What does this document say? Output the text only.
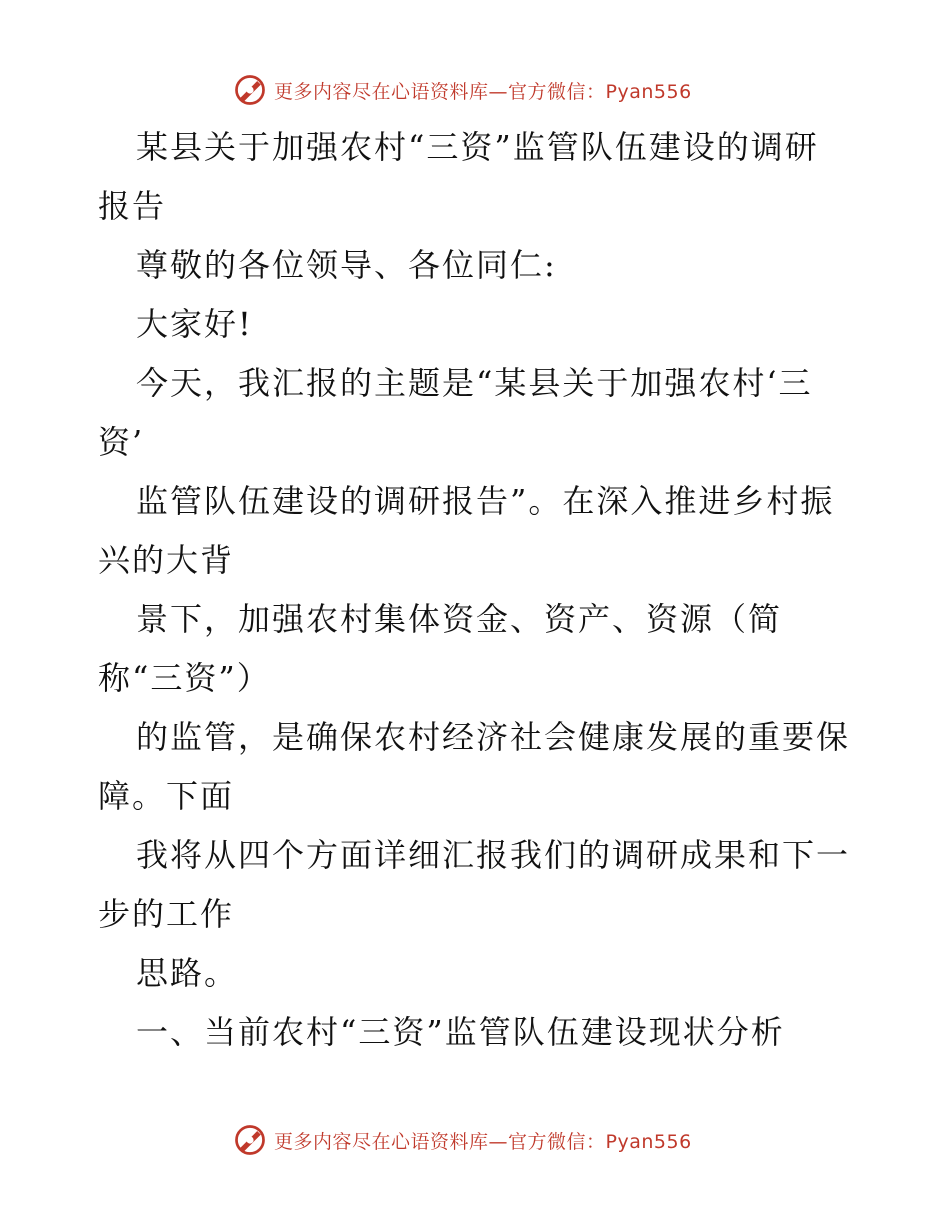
更多内容尽在心语资料库—官方微信：Pyan556
某县关于加强农村“三资”监管队伍建设的调研
报告
尊敬的各位领导、各位同仁:
大家好!
今天，我汇报的主题是“某县关于加强农村‘三
资’
监管队伍建设的调研报告”。在深入推进乡村振
兴的大背
景下，加强农村集体资金、资产、资源（简
称“三资”）
的监管，是确保农村经济社会健康发展的重要保
障。下面
我将从四个方面详细汇报我们的调研成果和下一
步的工作
思路。
一、当前农村“三资”监管队伍建设现状分析
更多内容尽在心语资料库—官方微信：Pyan556
